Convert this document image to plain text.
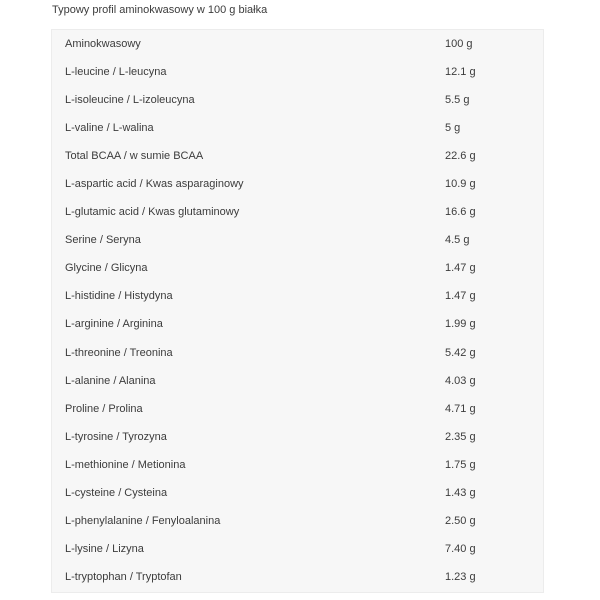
Typowy profil aminokwasowy w 100 g białka
Aminokwasowy	100 g
L-leucine / L-leucyna	12.1 g
L-isoleucine / L-izoleucyna	5.5 g
L-valine / L-walina	5 g
Total BCAA / w sumie BCAA	22.6 g
L-aspartic acid / Kwas asparaginowy	10.9 g
L-glutamic acid / Kwas glutaminowy	16.6 g
Serine / Seryna	4.5 g
Glycine / Glicyna	1.47 g
L-histidine / Histydyna	1.47 g
L-arginine / Arginina	1.99 g
L-threonine / Treonina	5.42 g
L-alanine / Alanina	4.03 g
Proline / Prolina	4.71 g
L-tyrosine / Tyrozyna	2.35 g
L-methionine / Metionina	1.75 g
L-cysteine / Cysteina	1.43 g
L-phenylalanine / Fenyloalanina	2.50 g
L-lysine / Lizyna	7.40 g
L-tryptophan / Tryptofan	1.23 g
